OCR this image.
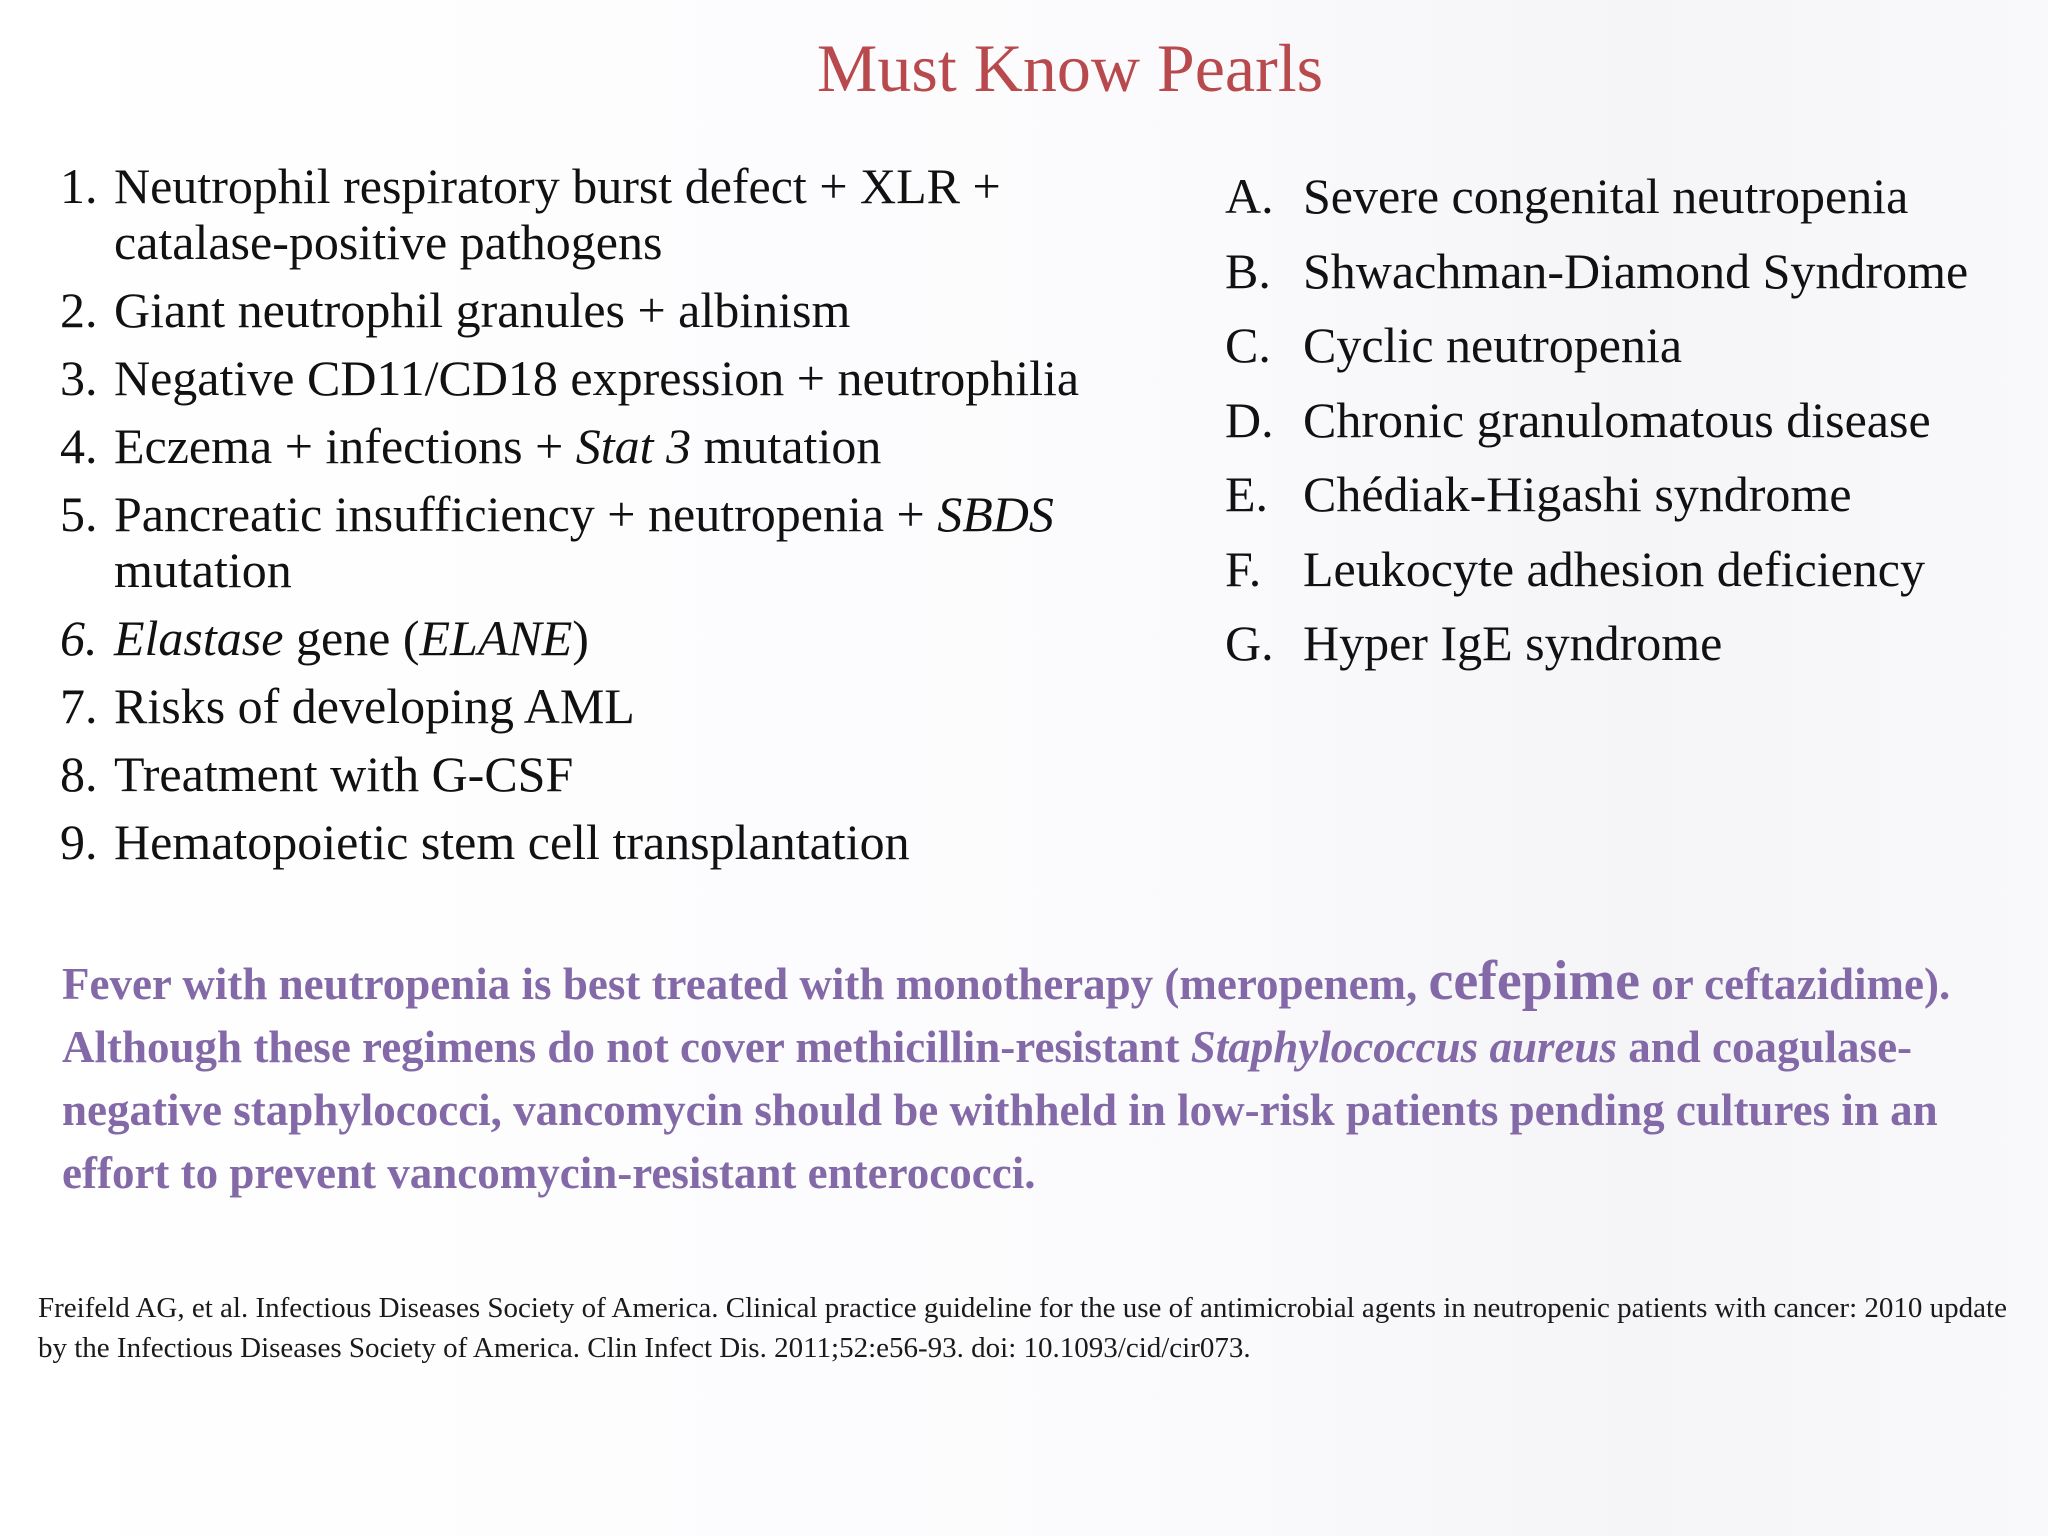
Must Know Pearls
1. Neutrophil respiratory burst defect + XLR + catalase-positive pathogens
2. Giant neutrophil granules + albinism
3. Negative CD11/CD18 expression + neutrophilia
4. Eczema + infections + Stat 3 mutation
5. Pancreatic insufficiency + neutropenia + SBDS mutation
6. Elastase gene (ELANE)
7. Risks of developing AML
8. Treatment with G-CSF
9. Hematopoietic stem cell transplantation
A. Severe congenital neutropenia
B. Shwachman-Diamond Syndrome
C. Cyclic neutropenia
D. Chronic granulomatous disease
E. Chédiak-Higashi syndrome
F. Leukocyte adhesion deficiency
G. Hyper IgE syndrome

Fever with neutropenia is best treated with monotherapy (meropenem, cefepime or ceftazidime). Although these regimens do not cover methicillin-resistant Staphylococcus aureus and coagulase-negative staphylococci, vancomycin should be withheld in low-risk patients pending cultures in an effort to prevent vancomycin-resistant enterococci.

Freifeld AG, et al. Infectious Diseases Society of America. Clinical practice guideline for the use of antimicrobial agents in neutropenic patients with cancer: 2010 update by the Infectious Diseases Society of America. Clin Infect Dis. 2011;52:e56-93. doi: 10.1093/cid/cir073.
